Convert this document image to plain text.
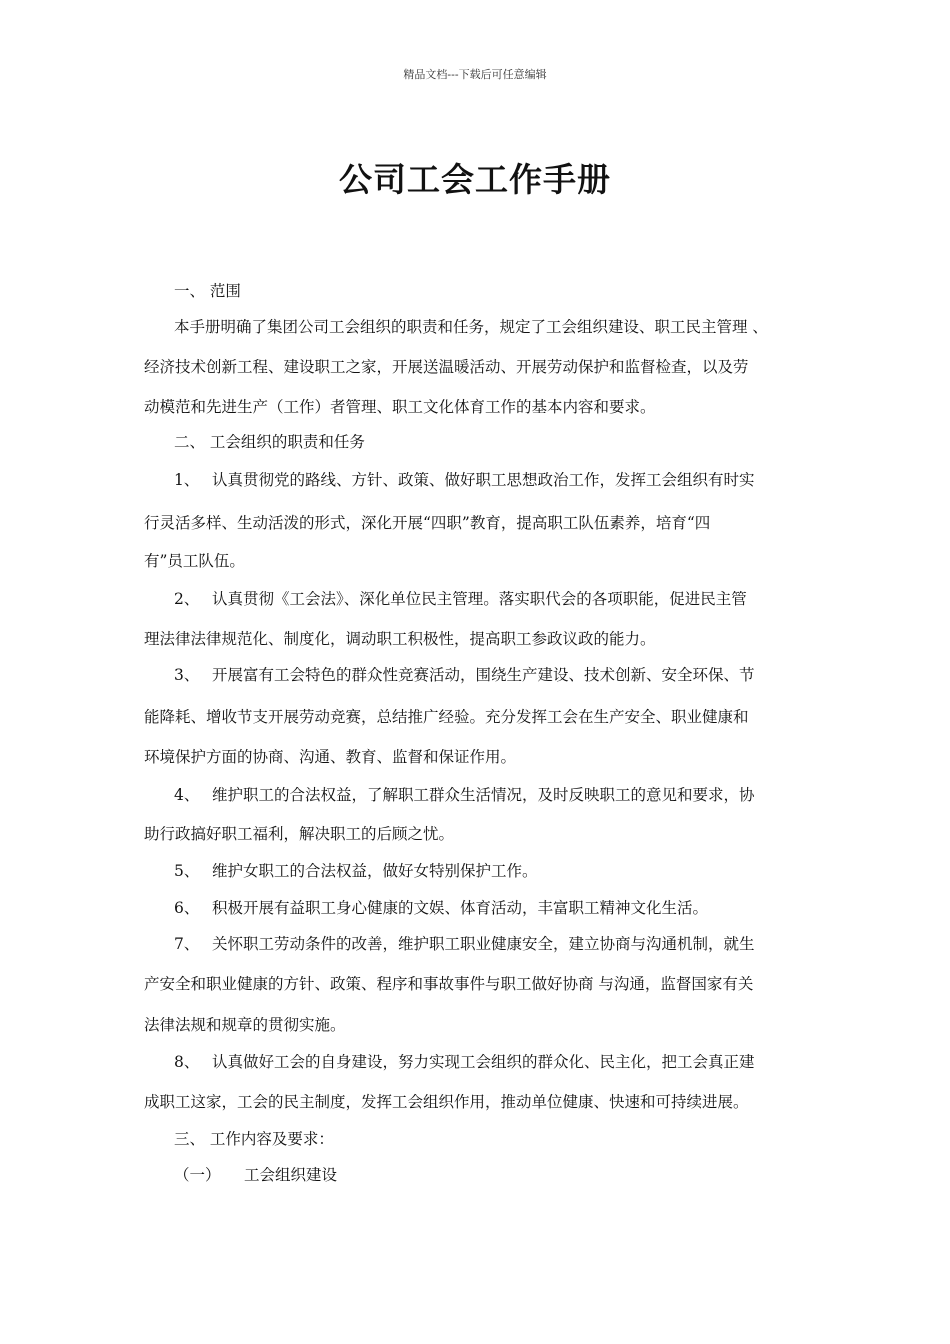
精品文档---下载后可任意编辑
公司工会工作手册
一、 范围
本手册明确了集团公司工会组织的职责和任务，规定了工会组织建设、职工民主管理 、
经济技术创新工程、建设职工之家，开展送温暖活动、开展劳动保护和监督检查，以及劳
动模范和先进生产（工作）者管理、职工文化体育工作的基本内容和要求。
二、 工会组织的职责和任务
1、 认真贯彻党的路线、方针、政策、做好职工思想政治工作，发挥工会组织有时实
行灵活多样、生动活泼的形式，深化开展“四职”教育，提高职工队伍素养，培育“四
有”员工队伍。
2、 认真贯彻《工会法》、深化单位民主管理。落实职代会的各项职能，促进民主管
理法律法律规范化、制度化，调动职工积极性，提高职工参政议政的能力。
3、 开展富有工会特色的群众性竞赛活动，围绕生产建设、技术创新、安全环保、节
能降耗、增收节支开展劳动竞赛，总结推广经验。充分发挥工会在生产安全、职业健康和
环境保护方面的协商、沟通、教育、监督和保证作用。
4、 维护职工的合法权益，了解职工群众生活情况，及时反映职工的意见和要求，协
助行政搞好职工福利，解决职工的后顾之忧。
5、 维护女职工的合法权益，做好女特别保护工作。
6、 积极开展有益职工身心健康的文娱、体育活动，丰富职工精神文化生活。
7、 关怀职工劳动条件的改善，维护职工职业健康安全，建立协商与沟通机制，就生
产安全和职业健康的方针、政策、程序和事故事件与职工做好协商 与沟通，监督国家有关
法律法规和规章的贯彻实施。
8、 认真做好工会的自身建设，努力实现工会组织的群众化、民主化，把工会真正建
成职工这家，工会的民主制度，发挥工会组织作用，推动单位健康、快速和可持续进展。
三、 工作内容及要求：
（一） 工会组织建设
